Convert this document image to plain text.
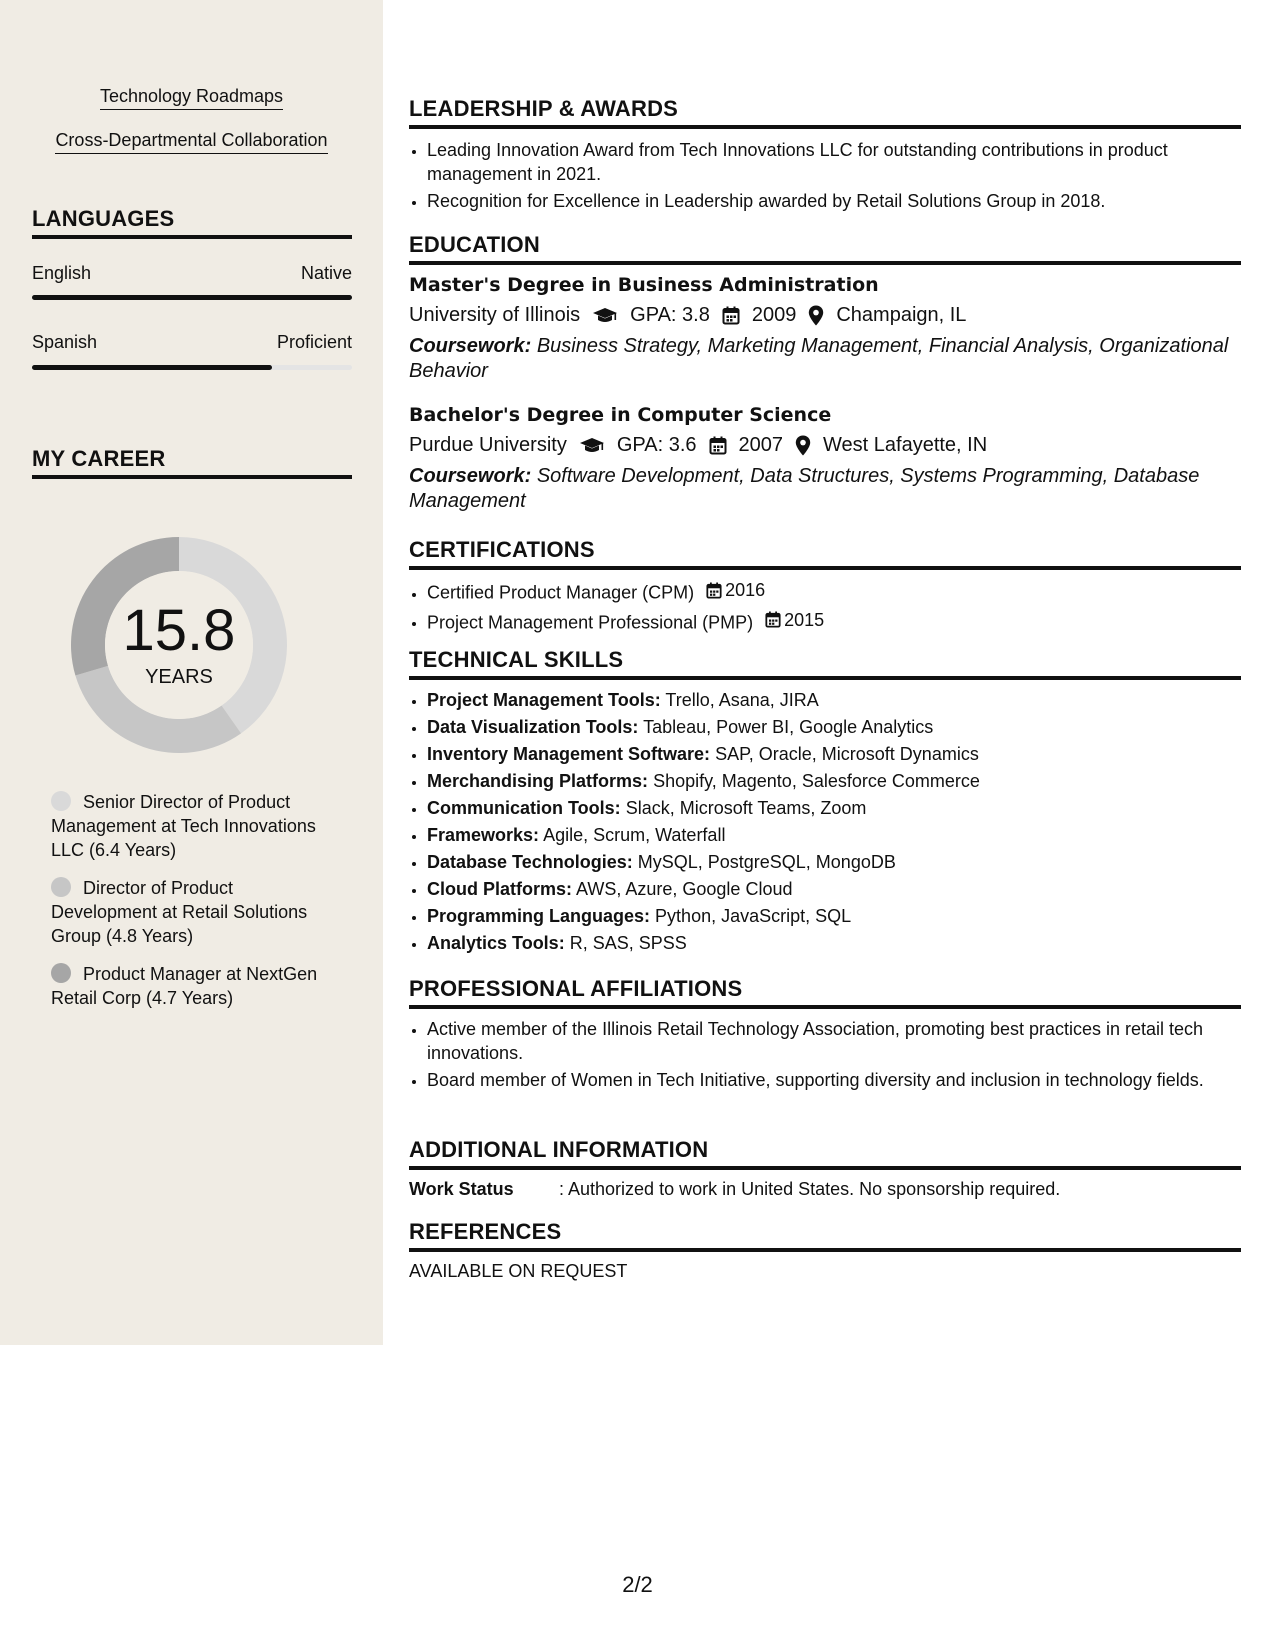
Technology Roadmaps
Cross-Departmental Collaboration
LANGUAGES
English	Native
Spanish	Proficient
MY CAREER
15.8
YEARS
Senior Director of Product Management at Tech Innovations LLC (6.4 Years)
Director of Product Development at Retail Solutions Group (4.8 Years)
Product Manager at NextGen Retail Corp (4.7 Years)
LEADERSHIP & AWARDS
• Leading Innovation Award from Tech Innovations LLC for outstanding contributions in product management in 2021.
• Recognition for Excellence in Leadership awarded by Retail Solutions Group in 2018.
EDUCATION
Master's Degree in Business Administration
University of Illinois	GPA: 3.8 2009 Champaign, IL
Coursework: Business Strategy, Marketing Management, Financial Analysis, Organizational Behavior
Bachelor's Degree in Computer Science
Purdue University	GPA: 3.6 2007 West Lafayette, IN
Coursework: Software Development, Data Structures, Systems Programming, Database Management
CERTIFICATIONS
• Certified Product Manager (CPM) 2016
• Project Management Professional (PMP) 2015
TECHNICAL SKILLS
• Project Management Tools: Trello, Asana, JIRA
• Data Visualization Tools: Tableau, Power BI, Google Analytics
• Inventory Management Software: SAP, Oracle, Microsoft Dynamics
• Merchandising Platforms: Shopify, Magento, Salesforce Commerce
• Communication Tools: Slack, Microsoft Teams, Zoom
• Frameworks: Agile, Scrum, Waterfall
• Database Technologies: MySQL, PostgreSQL, MongoDB
• Cloud Platforms: AWS, Azure, Google Cloud
• Programming Languages: Python, JavaScript, SQL
• Analytics Tools: R, SAS, SPSS
PROFESSIONAL AFFILIATIONS
• Active member of the Illinois Retail Technology Association, promoting best practices in retail tech innovations.
• Board member of Women in Tech Initiative, supporting diversity and inclusion in technology fields.
ADDITIONAL INFORMATION
Work Status	: Authorized to work in United States. No sponsorship required.
REFERENCES
AVAILABLE ON REQUEST
2/2
